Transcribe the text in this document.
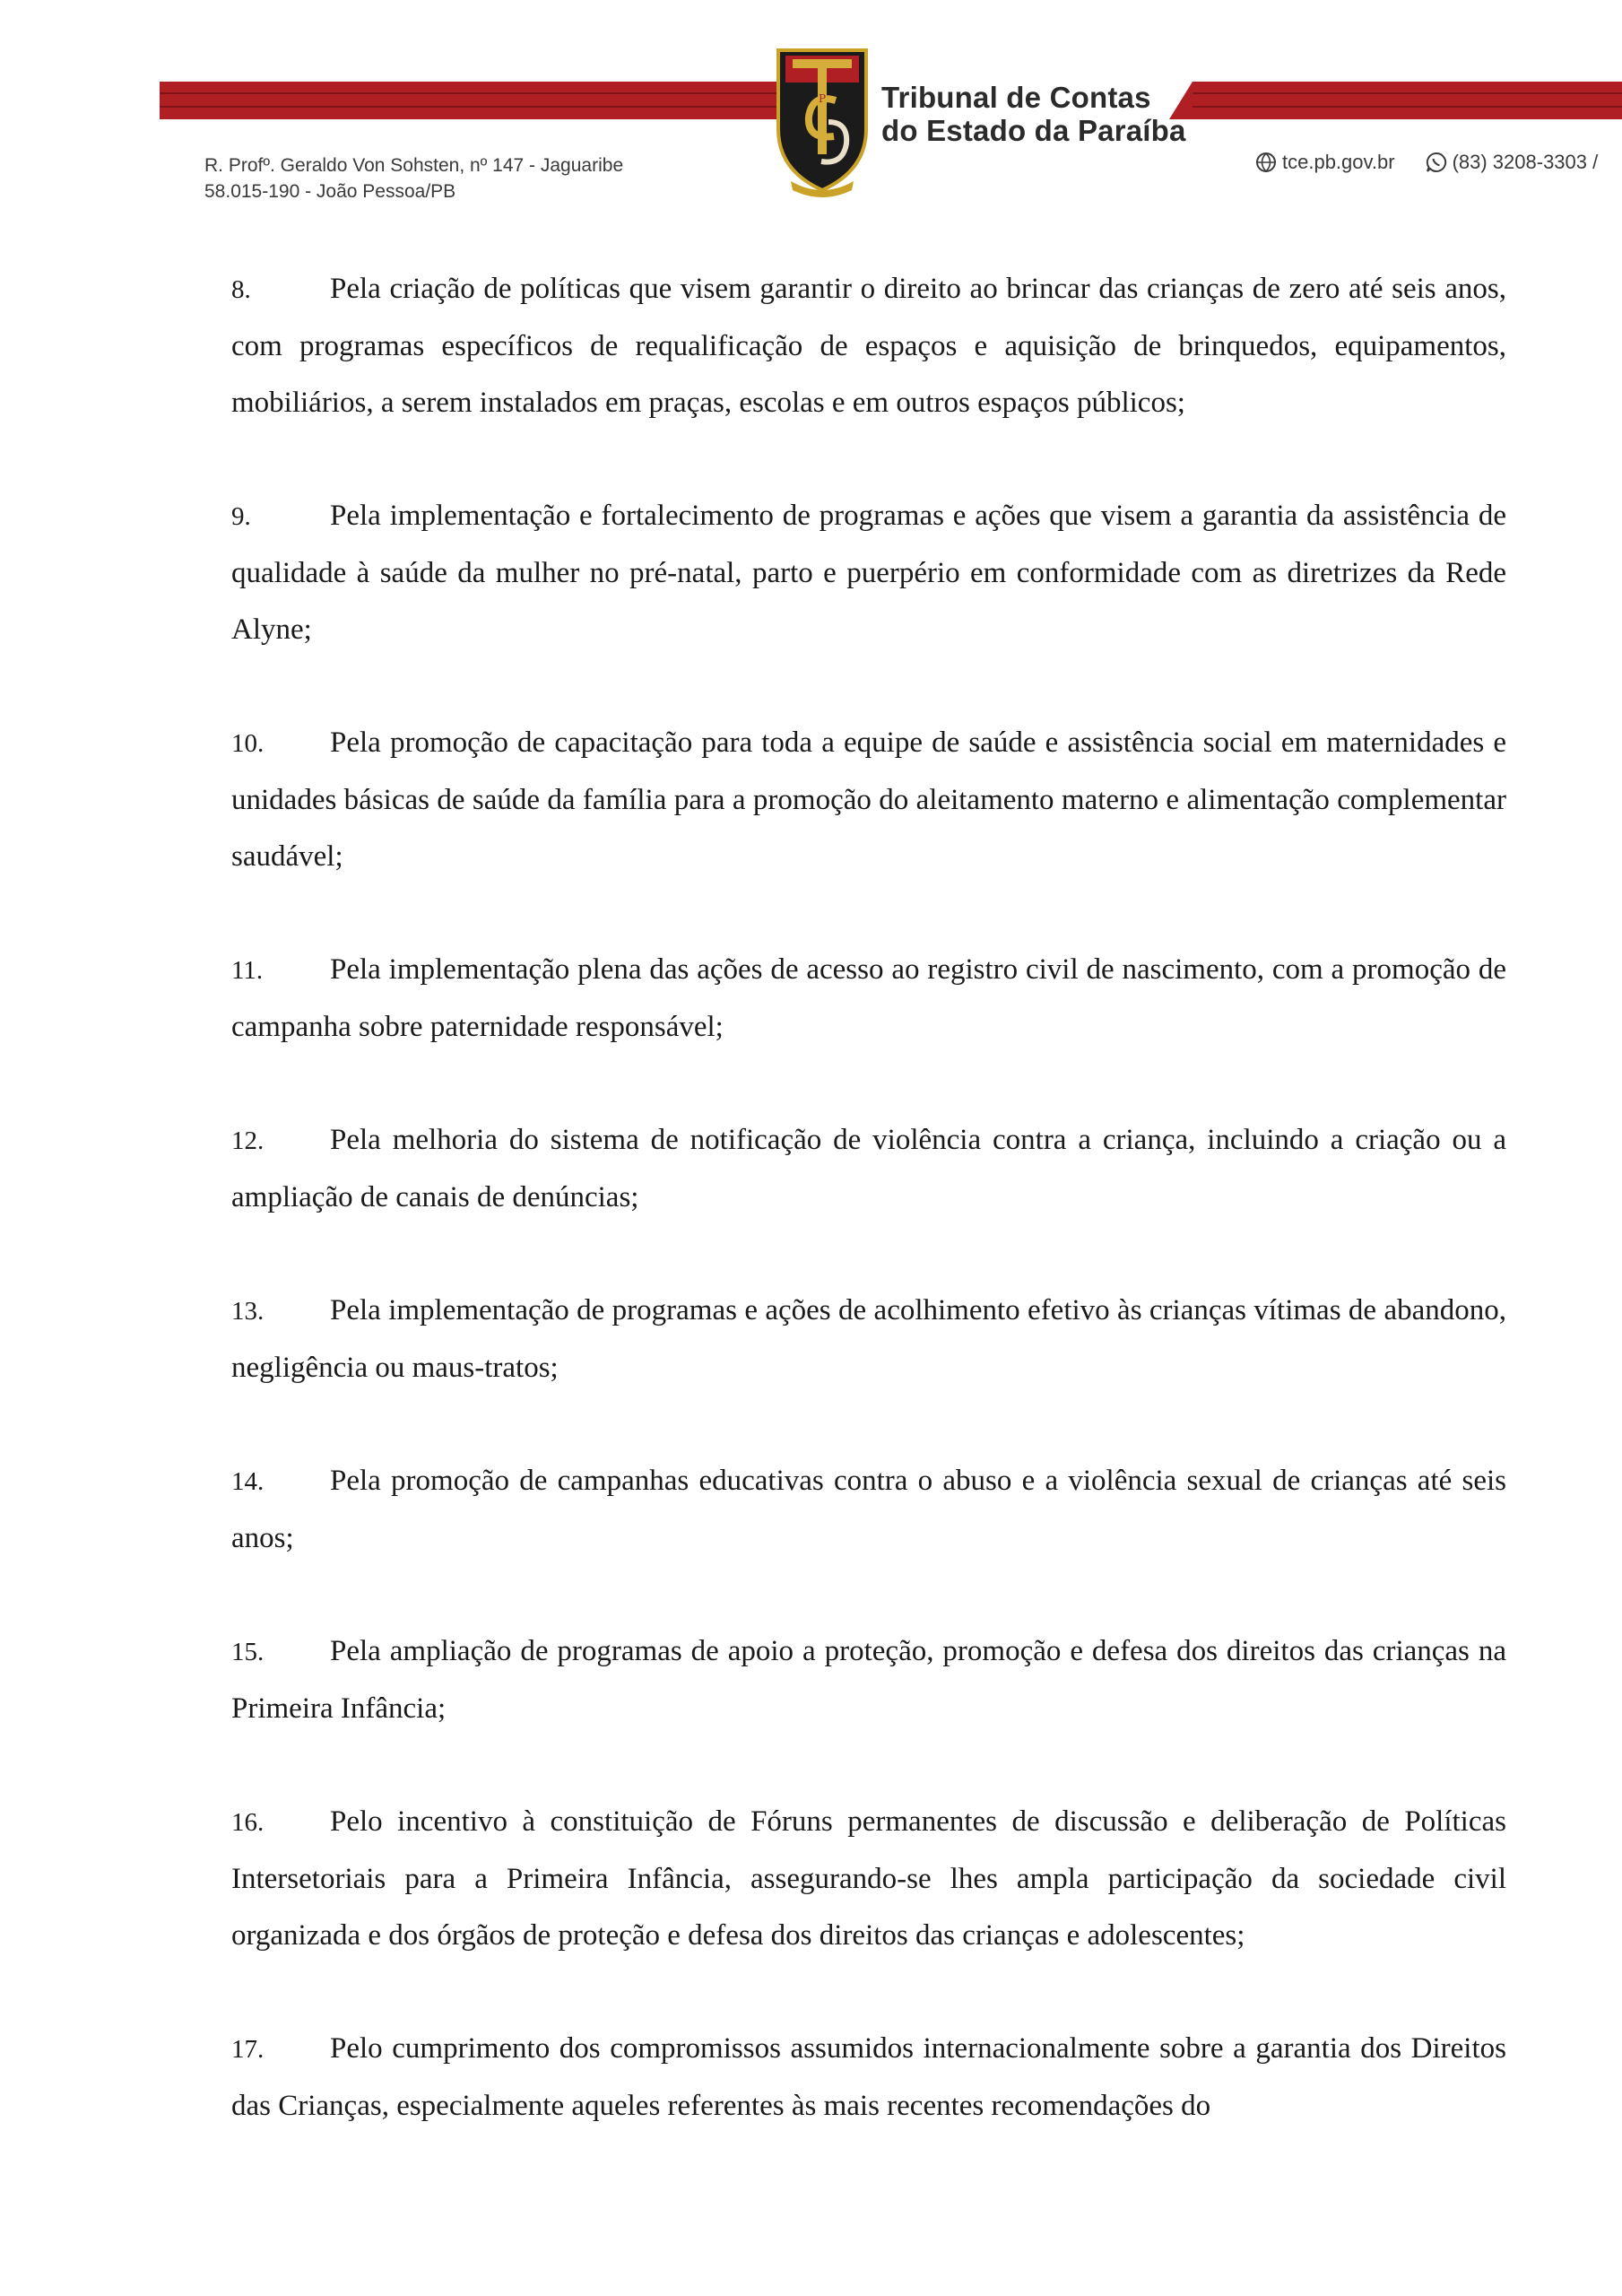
P Tribunal de Contas
do Estado da Paraíba
R. Profº. Geraldo Von Sohsten, nº 147 - Jaguaribe
58.015-190 - João Pessoa/PB
tce.pb.gov.br	(83) 3208-3303 /

8.	Pela criação de políticas que visem garantir o direito ao brincar das crianças de zero até seis anos, com programas específicos de requalificação de espaços e aquisição de brinquedos, equipamentos, mobiliários, a serem instalados em praças, escolas e em outros espaços públicos;

9.	Pela implementação e fortalecimento de programas e ações que visem a garantia da assistência de qualidade à saúde da mulher no pré-natal, parto e puerpério em conformidade com as diretrizes da Rede Alyne;

10. Pela promoção de capacitação para toda a equipe de saúde e assistência social em maternidades e unidades básicas de saúde da família para a promoção do aleitamento materno e alimentação complementar saudável;

11. Pela implementação plena das ações de acesso ao registro civil de nascimento, com a promoção de campanha sobre paternidade responsável;

12. Pela melhoria do sistema de notificação de violência contra a criança, incluindo a criação ou a ampliação de canais de denúncias;

13. Pela implementação de programas e ações de acolhimento efetivo às crianças vítimas de abandono, negligência ou maus-tratos;

14. Pela promoção de campanhas educativas contra o abuso e a violência sexual de crianças até seis anos;

15. Pela ampliação de programas de apoio a proteção, promoção e defesa dos direitos das crianças na Primeira Infância;

16. Pelo incentivo à constituição de Fóruns permanentes de discussão e deliberação de Políticas Intersetoriais para a Primeira Infância, assegurando-se lhes ampla participação da sociedade civil organizada e dos órgãos de proteção e defesa dos direitos das crianças e adolescentes;

17. Pelo cumprimento dos compromissos assumidos internacionalmente sobre a garantia dos Direitos das Crianças, especialmente aqueles referentes às mais recentes recomendações do
